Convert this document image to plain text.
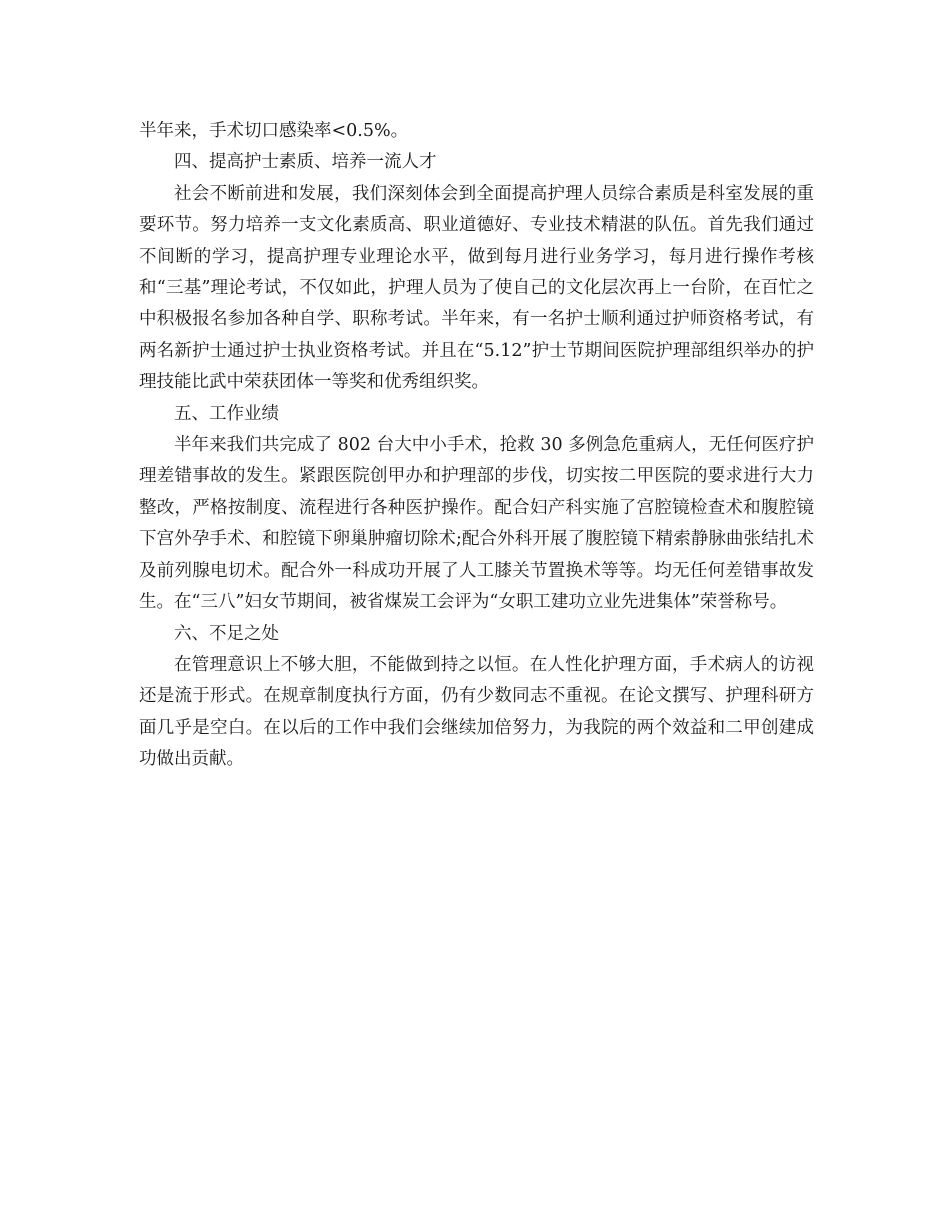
半年来，手术切口感染率<0.5%。

四、提高护士素质、培养一流人才

社会不断前进和发展，我们深刻体会到全面提高护理人员综合素质是科室发展的重要环节。努力培养一支文化素质高、职业道德好、专业技术精湛的队伍。首先我们通过不间断的学习，提高护理专业理论水平，做到每月进行业务学习，每月进行操作考核和“三基”理论考试，不仅如此，护理人员为了使自己的文化层次再上一台阶，在百忙之中积极报名参加各种自学、职称考试。半年来，有一名护士顺利通过护师资格考试，有两名新护士通过护士执业资格考试。并且在“5.12”护士节期间医院护理部组织举办的护理技能比武中荣获团体一等奖和优秀组织奖。

五、工作业绩

半年来我们共完成了 802 台大中小手术，抢救 30 多例急危重病人，无任何医疗护理差错事故的发生。紧跟医院创甲办和护理部的步伐，切实按二甲医院的要求进行大力整改，严格按制度、流程进行各种医护操作。配合妇产科实施了宫腔镜检查术和腹腔镜下宫外孕手术、和腔镜下卵巢肿瘤切除术;配合外科开展了腹腔镜下精索静脉曲张结扎术及前列腺电切术。配合外一科成功开展了人工膝关节置换术等等。均无任何差错事故发生。在“三八”妇女节期间，被省煤炭工会评为“女职工建功立业先进集体”荣誉称号。

六、不足之处

在管理意识上不够大胆，不能做到持之以恒。在人性化护理方面，手术病人的访视还是流于形式。在规章制度执行方面，仍有少数同志不重视。在论文撰写、护理科研方面几乎是空白。在以后的工作中我们会继续加倍努力，为我院的两个效益和二甲创建成功做出贡献。
